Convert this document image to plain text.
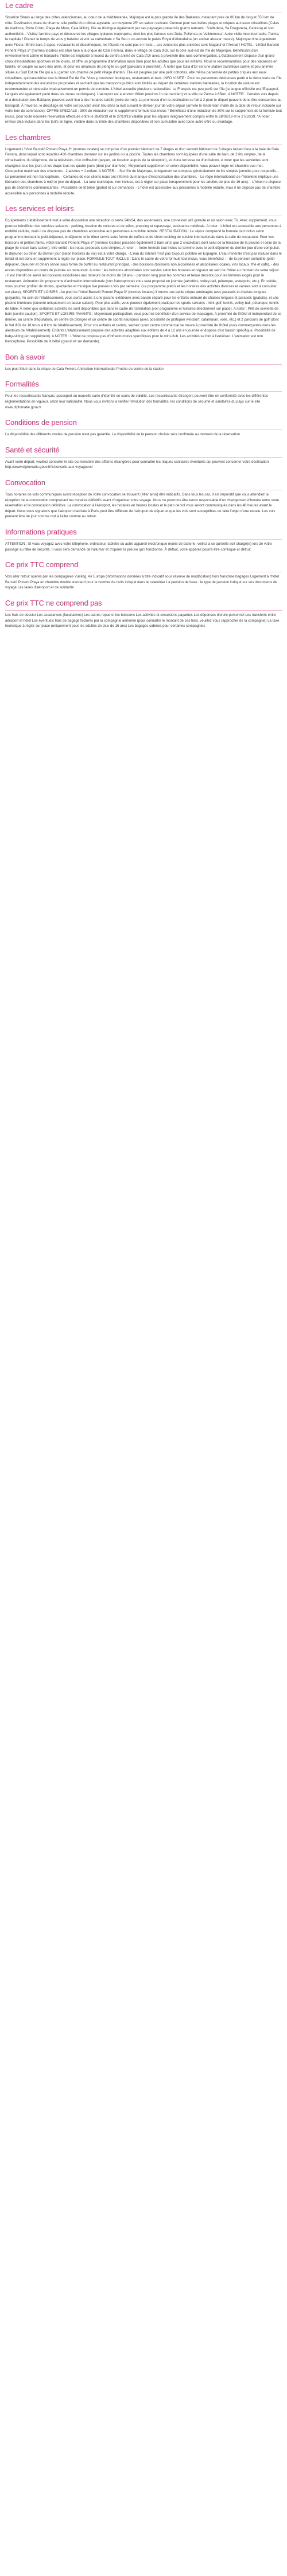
Le cadre

Situation Situés au large des côtes valenciennes, au cœur de la méditerranée, Majorque est la plus grande île des Baléares, mesurant près de 80 km de long et 550 km de côte. Destination phare de charme, elle profite d'un climat agréable, en moyenne 25° en saison estivale. Connue pour ses belles plages et criques aux eaux cristallines (Calas de mallorca, Porto Cristo, Playa de Muro, Cala Millor), l'île se distingue également par ses paysages préservés (parcs naturels : S'Albufera, Sa Dragonera, Cabrera) et son authenticité... Visitez l'arrière-pays et découvrez les villages typiques majorquins, dont les plus fameux sont Deia, Pollensa ou Valldemosa ! Autre visite incontournable, Palma, la capitale ! Prenez le temps de vous y balader et voir sa cathédrale « Sa Seu » ou encore le palais Royal d'Almudaina (un ancien alcazar maure). Majorque rime également avec Fiesta ! Entre bars à tapas, restaurants et discothèques, les fêtards ne sont pas en reste... Les zones les plus animées sont Magaluf et l'Arenal ! HOTEL : L'hôtel Barceló Ponent Playa 3* (normes locales) est situé face à la crique de Cala Ferrera, dans le village de Cala d'Or, sur la côte sud-est de l'île de Majorque. Bénéficiant d'un environnement calme et tranquille, l'hôtel est implanté à l'ouest du centre animé de Cala d'Or avec à proximité des rues commerçantes. L'établissement dispose d'un grand choix d'installations sportives et de loisirs, et offre un programme d'animation aussi bien pour les adultes que pour les enfants. Nous le recommandons pour des vacances en famille, en couple ou avec des amis, et pour les amateurs de plongée ou golf (parcours à proximité). À noter que Cala d'Or est une station touristique calme et peu animée située au Sud Est de l'île qui a su garder son charme de petit village d'antan. Elle est peuplée par une petit cohortes, elle même parsemée de petites criques aux eaux cristallines, qui caractérise tout le littoral Est de l'île. Vous y trouverez boutiques, restaurants et bars. INFO VISITE : Pour les personnes désireuses partir à la découverte de l'île indépendamment des excursions proposées et sachant que les transports publics sont limités au départ de certaines stations balnéaires, la location de voiture est recommandée et nécessite impérativement un permis de conduire. L'hôtel accueille plusieurs nationalités. Le Français est peu parlé sur l'île (la langue officielle est l'Espagnol, l'anglais est également parlé dans les zones touristiques). L'aéroport est à environ 60km (environ 1h de transfert) et la ville de Palma à 65km. A NOTER : Certains vols depuis et à destination des Baléares peuvent avoir lieu à des horaires tardifs (voire de nuit). La promesse d'en la destination se fait à 2 pour le départ peuvent donc être consacrées au transport. À l'inverse, le décollage de votre vol pouvant avoir lieu dans la nuit suivant le dernier jour de votre séjour (arrivée le lendemain matin de la date de retour indiquée sur votre bon de commande). OFFRE SPECIALE : 30% de réduction sur le supplément formule tout inclus * Bénéficiez d'une réduction de 30% sur le supplément de la formule tout inclus, pour toute nouvelle réservation effectuée entre le 28/09/19 et le 27/10/19 valable pour les séjours intégralement compris entre le 28/09/19 et le 27/10/19. *A noter : remise déjà incluse dans les tarifs en ligne, valable dans la limite des chambres disponibles et non cumulable avec toute autre offre ou avantage.

Les chambres

Logement L'hôtel Barceló Ponent Playa 3* (normes locales) se compose d'un premier bâtiment de 7 étages et d'un second bâtiment de 3 étages faisant face à la baie de Cala Ferrera, dans lequel sont réparties 430 chambres donnant sur les jardins ou la piscine. Toutes les chambres sont équipées d'une salle de bain, de 2 lits simples, de la climatisation, du téléphone, de la télévision, d'un coffre-fort (payant, en location auprès de la réception), et d'une terrasse ou d'un balcon. A noter que les serviettes sont changées tous les jours et les draps tous les quatre jours (dont jour d'arrivée). Moyennant supplément et selon disponibilité, vous pouvez loger en chambre vue mer. Occupation maximale des chambres : 2 adultes + 1 enfant. A NOTER : - Sur l'île de Majorque, le logement se compose généralement de lits simples jumelés pour respectifs. - Le personnel est non francophone. - Certaines de nos clients nous ont informé du manque d'insonorisation des chambres. - Le règle internationale de l'hôtellerie implique une libération des chambres à midi le jour du départ. - La taxe touristique, non incluse, est à régler sur place lorsquemment pour les adultes de plus de 16 ans). - L'hôtel ne dispose pas de chambres communicantes - Possibilité de lit bébé (gratuit et sur demande). - L'hôtel est accessible aux personnes à mobilité réduite, mais il ne dispose pas de chambre accessible aux personnes à mobilité réduite.

Les services et loisirs

Equipements L'établissement met à votre disposition une réception ouverte 24h/24, des ascenseurs, une connexion wifi gratuite et un salon avec TV. Avec supplément, vous pourrez bénéficier des services suivants : parking, location de voitures et de vélos, pressing et repassage, assistance médicale. A noter : L'hôtel est accessible aux personnes à mobilité réduite, mais il ne dispose pas de chambres accessible aux personnes à mobilité réduite. RESTAURATION : Le séjour comprend la formule tout inclus selon programme incluant le petit-déjeuner, le déjeuner et le dîner servis sous forme de buffets et de show cooking de cuisine internationale dans la salle du restaurant. Pour vos boissons et petites faims, Hôtel Barceló Ponent Playa 3* (normes locales) possède également 2 bars ainsi que 2 snack/bars dont celui de la terrasse de la piscine et celui de la plage (le snack bars saison). Info vérité : les repas proposés sont simples. A noter : - Votre formule tout inclus se termine avec le petit déjeuner du dernier jour d'une compulsé, le déjeuner ou dîner du dernier jour (selon horaires du vol) est à votre charge. - L'eau du robinet n'est pas toujours potable en Espagne. L'eau minérale n'est pas incluse dans le forfait et est donc en supplément à régler sur place. FORMULE TOUT INCLUS : Dans le cadre de votre formule tout inclus, vous bénéficiez : - de la pension complète (petit-déjeuner, déjeuner et dîner) servie sous forme de buffet au restaurant principal, - des boissons (boissons non alcoolisées et alcoolisées locales, vins locaux, thé et café), - des encas disponibles en cours de journée au restaurant. A noter : les boissons alcoolisées sont servies selon les horaires en vigueur au sein de l'hôtel au moment de votre séjour. - Il est interdit de servir les boissons alcoolisées aux mineurs de moins de 18 ans. - pantalon long pour les hommes et tenue décente pour les femmes exigés pour le restaurant. Animation Un programme d'animation internationale (non francophone) vous sera proposé en journée (aérobics, volley-ball, pétanque, waterpolo, etc.). En soirée, vous pourrez profiter de shows, spectacles et musique live plusieurs fois par semaine. (Le programme précis et les horaires des activités diverses et variées sont à consulter sur place). SPORTS ET LOISIRS : Au pied de l'hôtel Barceló Ponent Playa 3* (normes locales) il trouve une petite crique aménagée avec parasols et chaises longues (payants). Au sein de l'établissement, vous aurez accès à une piscine extérieure avec bassin séparé pour les enfants entouré de chaises longues et parasols (gratuits), et une piscine intérieure (ouverte uniquement en basse saison). Pour plus actifs, vous pourrez également pratiquer les sports suivants : mini-golf, tennis, volley-ball, pétanque, tennis de table. À noter que certaines activités ne sont disponibles que dans le cadre de l'animation (voir programme et horaires directement sur place). A noter : Prêt de serviette de bain (contre caution). SPORTS ET LOISIRS PAYANTS : Moyennant participation, vous pourrez bénéficier d'un service de massages. A proximité de l'hôtel et indépendant de ce dernier, au centre d'équitation, un centre de plongée et un centre de sports nautiques (avec possibilité de pratiquer windsurf, catamaran, voile, etc.) et 2 parcours de golf (dont le Val d'Or de 18 trous à 8 km de l'établissement). Pour vos enfants et cadets, sachez qu'un centre commercial se trouve à proximité de l'hôtel (rues commerçantes dans les alentours de l'établissement). Enfants L'établissement propose des activités adaptées aux enfants de 4 à 12 ans en journée et dispose d'un bassin spécifique. Possibilité de baby-sitting (en supplément). A NOTER : L'hôtel ne propose pas d'infrastructures spécifiques pour le mini-club. Les activités se font à l'extérieur. L'animation est non francophone. Possibilité de lit bébé (gratuit et sur demande).

Bon à savoir

Les plus Situé dans la crique de Cala Ferrera Animation internationale Proche du centre de la station

Formalités

Pour les ressortissants français, passeport ou nouvelle carte d'identité en cours de validité. Les ressortissants étrangers peuvent être en conformité avec les différentes réglementations en vigueur, selon leur nationalité. Nous vous invitons à vérifier l'évolution des formalités, les conditions de sécurité et sanitaires du pays sur le site www.diplomatie.gouv.fr

Conditions de pension

La disponibilité des différents modes de pension n'est pas garantie. La disponibilité de la pension choisie sera confirmée au moment de la réservation.

Santé et sécurité

Avant votre départ, veuillez consulter le site du ministère des affaires étrangères pour connaître les risques sanitaires éventuels qui peuvent concerner votre destination: http://www.diplomatie.gouv.fr/fr/conseils-aux-voyageurs/

Convocation

Tous horaires de vols communiqués avant réception de votre convocation se trouvent (Aller ainsi) être indicatifs. Dans tous les cas, il est impératif que vous attendiez la réception de la convocation comprenant les horaires définitifs avant d'organiser votre voyage. Nous ne pourrons être tenus responsable d'un changement d'horaire entre votre réservation et la convocation définitive. La convocation à l'aéroport, les horaires en heures locales et le plan de vol vous seront communiqués dans les 48 heures avant le départ. Nous vous signalons que l'aéroport d'arrivée à Paris peut être différent de l'aéroport de départ et que les vols sont susceptibles de faire l'objet d'une escale. Les vols peuvent être de jour comme nuit à l'aller comme au retour.

Informations pratiques

ATTENTION : Si vous voyagez avec votre téléphone, ordinateur, tablette ou autre appareil électronique munis de batterie, veillez à ce qu'il/elle soit chargé(e) lors de votre passage au filtre de sécurité. Il vous sera demandé de l'allumer et d'opérer la preuve qu'il fonctionne. À défaut, votre appareil pourra être confisqué et détruit.

Ce prix TTC comprend

Vols aller retour opérés par les compagnies Vueling, Air Europa (informations données à titre indicatif sous réserve de modification) hors franchise bagages Logement à l'hôtel Barceló Ponent Playa en chambre double standard pour le nombre de nuits indiqué dans le calendrier La pension de base : le type de pension indiqué sur vos documents de voyage Les taxes d'aéroport et de solidarité

Ce prix TTC ne comprend pas

Les frais de dossier Les assurances (facultatives) Les autres repas et les boissons Les activités et excursions payantes Les dépenses d'ordre personnel Les transferts entre aéroport et hôtel Les éventuels frais de bagage facturés par la compagnie aérienne (pour connaître le montant de ces frais, veuillez vous rapprocher de la compagnie) La taxe touristique à régler sur place (uniquement pour les adultes de plus de 16 ans) Les bagages cabines pour certaines compagnies
